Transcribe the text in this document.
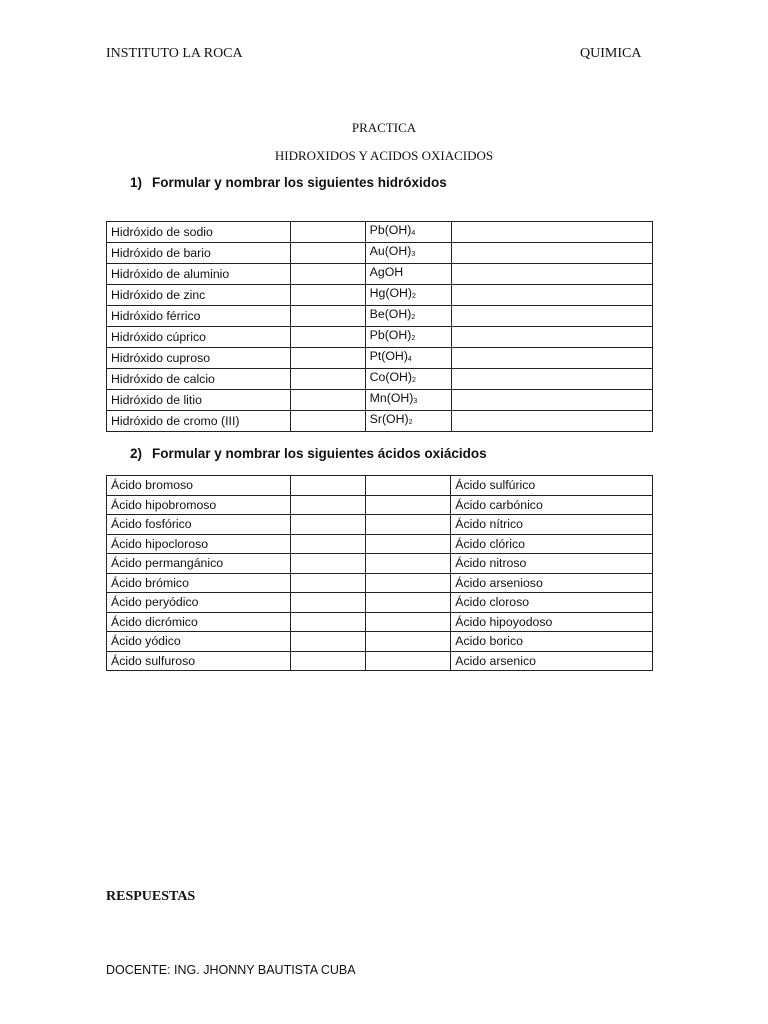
INSTITUTO LA ROCA	QUIMICA
PRACTICA
HIDROXIDOS Y ACIDOS OXIACIDOS
1) Formular y nombrar los siguientes hidróxidos
Hidróxido de sodio		$Pb(OH)_4$	
Hidróxido de bario		$Au(OH)_3$	
Hidróxido de aluminio		AgOH	
Hidróxido de zinc		$Hg(OH)_2$	
Hidróxido férrico		$Be(OH)_2$	
Hidróxido cúprico		$Pb(OH)_2$	
Hidróxido cuproso		$Pt(OH)_4$	
Hidróxido de calcio		$Co(OH)_2$	
Hidróxido de litio		$Mn(OH)_3$	
Hidróxido de cromo (III)		$Sr(OH)_2$	
2) Formular y nombrar los siguientes ácidos oxiácidos
Ácido bromoso			Ácido sulfúrico
Ácido hipobromoso			Ácido carbónico
Ácido fosfórico			Ácido nítrico
Ácido hipocloroso			Ácido clórico
Ácido permangánico			Ácido nitroso
Ácido brómico			Ácido arsenioso
Ácido peryódico			Ácido cloroso
Ácido dicrómico			Ácido hipoyodoso
Ácido yódico			Acido borico
Ácido sulfuroso			Acido arsenico
RESPUESTAS
DOCENTE: ING. JHONNY BAUTISTA CUBA
